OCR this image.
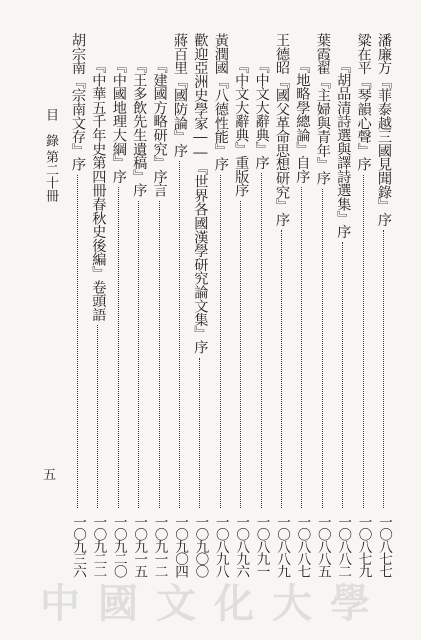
潘廉方『菲泰越三國見聞錄』序
一〇八七七
粱在平『琴韻心聲』序
一〇八七九
『胡品清詩選與譯詩選集』序
一〇八八二
葉霞翟『主婦與青年』序
一〇八八五
『地略學總論』自序
一〇八八七
王德昭『國父革命思想研究』序
一〇八八九
『中文大辭典』序
一〇八九一
『中文大辭典』重版序
一〇八九六
黃潤國『八德性能』序
一〇八九八
歡迎亞洲史學家――『世界各國漢學研究論文集』序
一〇九〇〇
蔣百里『國防論』序
一〇九〇四
『建國方略研究』序言
一〇九一二
『王多飲先生遺稿』序
一〇九一五
『中國地理大綱』序
一〇九二〇
『中華五千年史第四冊春秋史後編』卷頭語
一〇九二二
胡宗南『宗南文存』序
一〇九三六
目　錄
第二十冊
五
中國文化大學
